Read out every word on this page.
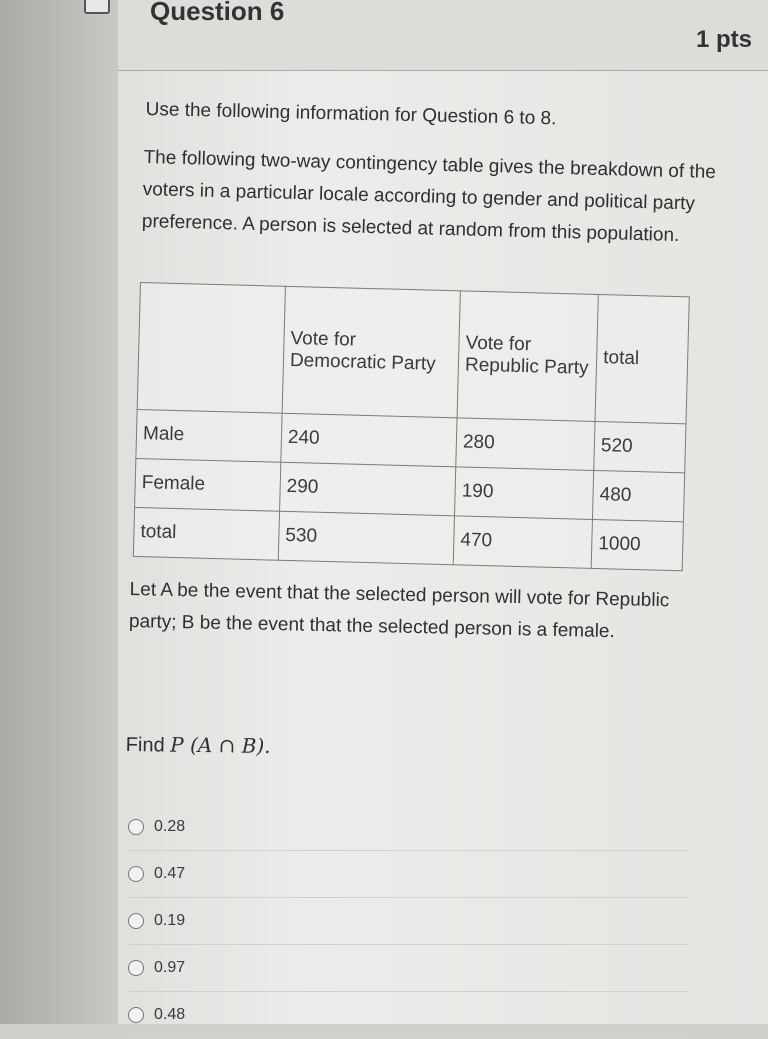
Question 6
1 pts
Use the following information for Question 6 to 8.
The following two-way contingency table gives the breakdown of the voters in a particular locale according to gender and political party preference. A person is selected at random from this population.
	Vote for Democratic Party	Vote for Republic Party	total
Male	240	280	520
Female	290	190	480
total	530	470	1000
Let A be the event that the selected person will vote for Republic party; B be the event that the selected person is a female.
Find P (A ∩ B).
0.28
0.47
0.19
0.97
0.48
